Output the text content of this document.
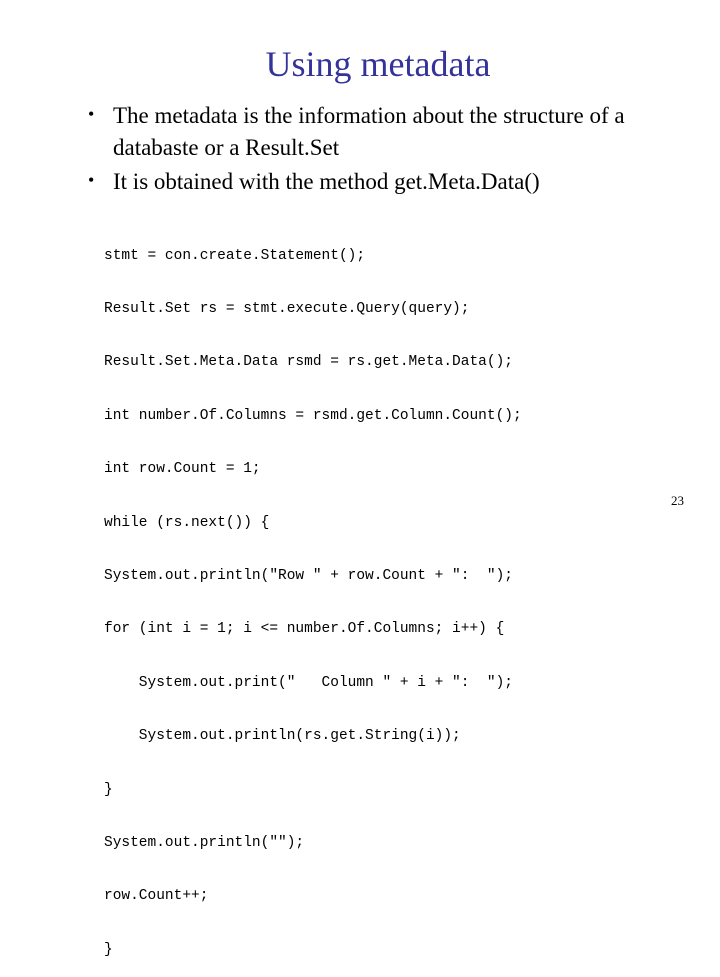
Using metadata
• The metadata is the information about the structure of a databaste or a Result.Set
• It is obtained with the method get.Meta.Data()

stmt = con.create.Statement();

Result.Set rs = stmt.execute.Query(query);

Result.Set.Meta.Data rsmd = rs.get.Meta.Data();

int number.Of.Columns = rsmd.get.Column.Count();

int row.Count = 1;

while (rs.next()) {

System.out.println("Row " + row.Count + ":  ");

for (int i = 1; i <= number.Of.Columns; i++) {

System.out.print("   Column " + i + ":  ");

System.out.println(rs.get.String(i));

}

System.out.println("");

row.Count++;

}

23
